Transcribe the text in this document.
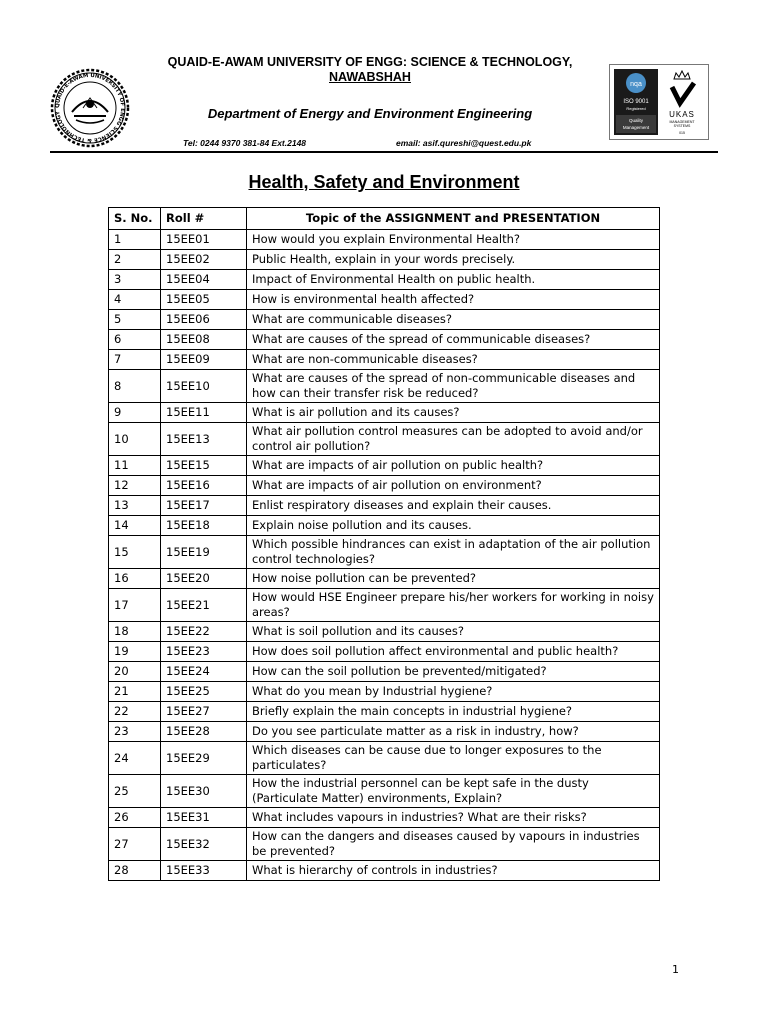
QUAID-E-AWAM UNIVERSITY OF ENGG SCIENCE & TECHNOLOGY
QUAID-E-AWAM UNIVERSITY OF ENGG: SCIENCE & TECHNOLOGY,
NAWABSHAH
Department of Energy and Environment Engineering
Tel: 0244 9370 381-84 Ext.2148	email: asif.qureshi@quest.edu.pk
nqa
ISO 9001
Registered
Quality
Management
UKAS
MANAGEMENT
SYSTEMS
015
Health, Safety and Environment
S. No.	Roll #	Topic of the ASSIGNMENT and PRESENTATION
1	15EE01	How would you explain Environmental Health?
2	15EE02	Public Health, explain in your words precisely.
3	15EE04	Impact of Environmental Health on public health.
4	15EE05	How is environmental health affected?
5	15EE06	What are communicable diseases?
6	15EE08	What are causes of the spread of communicable diseases?
7	15EE09	What are non-communicable diseases?
8	15EE10	What are causes of the spread of non-communicable diseases and how can their transfer risk be reduced?
9	15EE11	What is air pollution and its causes?
10	15EE13	What air pollution control measures can be adopted to avoid and/or control air pollution?
11	15EE15	What are impacts of air pollution on public health?
12	15EE16	What are impacts of air pollution on environment?
13	15EE17	Enlist respiratory diseases and explain their causes.
14	15EE18	Explain noise pollution and its causes.
15	15EE19	Which possible hindrances can exist in adaptation of the air pollution control technologies?
16	15EE20	How noise pollution can be prevented?
17	15EE21	How would HSE Engineer prepare his/her workers for working in noisy areas?
18	15EE22	What is soil pollution and its causes?
19	15EE23	How does soil pollution affect environmental and public health?
20	15EE24	How can the soil pollution be prevented/mitigated?
21	15EE25	What do you mean by Industrial hygiene?
22	15EE27	Briefly explain the main concepts in industrial hygiene?
23	15EE28	Do you see particulate matter as a risk in industry, how?
24	15EE29	Which diseases can be cause due to longer exposures to the particulates?
25	15EE30	How the industrial personnel can be kept safe in the dusty (Particulate Matter) environments, Explain?
26	15EE31	What includes vapours in industries? What are their risks?
27	15EE32	How can the dangers and diseases caused by vapours in industries be prevented?
28	15EE33	What is hierarchy of controls in industries?
1
